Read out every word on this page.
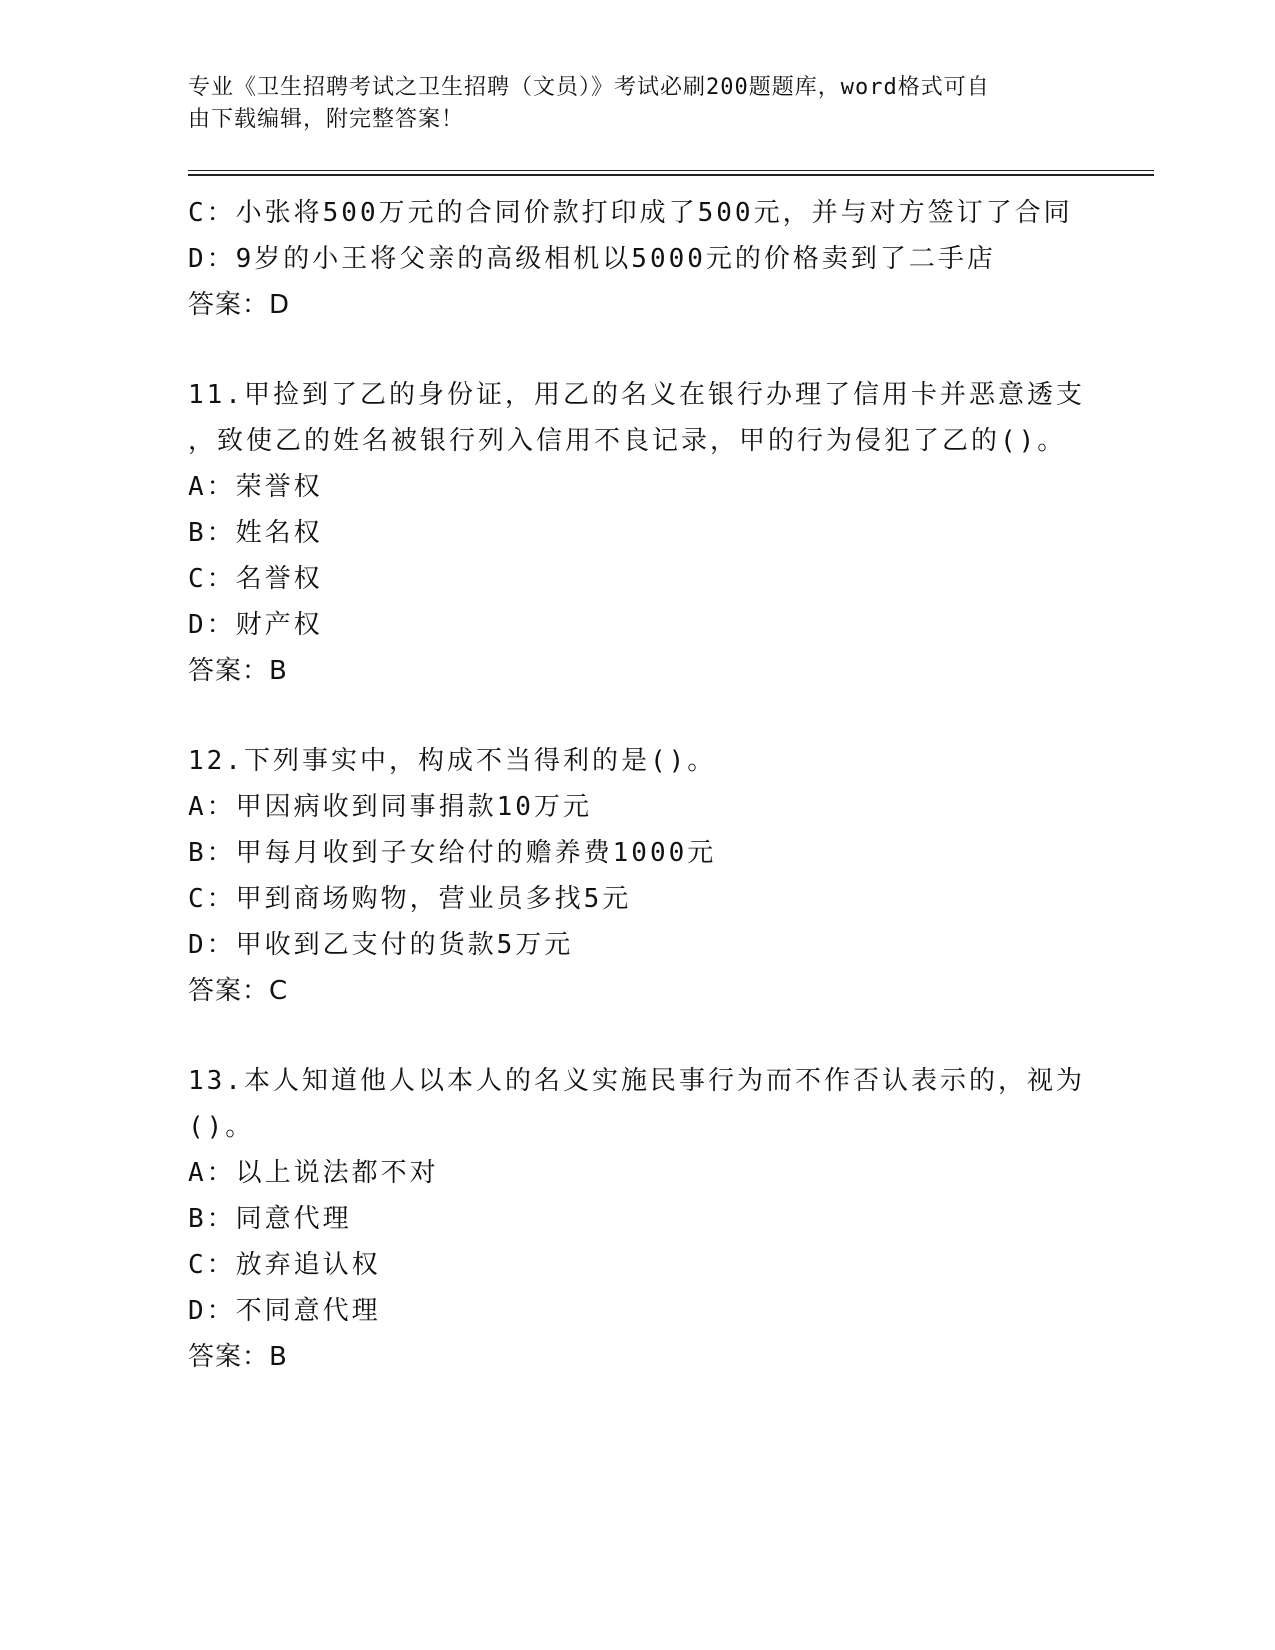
专业《卫生招聘考试之卫生招聘（文员）》考试必刷200题题库，word格式可自
由下载编辑，附完整答案！
C：小张将500万元的合同价款打印成了500元，并与对方签订了合同
D：9岁的小王将父亲的高级相机以5000元的价格卖到了二手店
答案：D
11.甲捡到了乙的身份证，用乙的名义在银行办理了信用卡并恶意透支
，致使乙的姓名被银行列入信用不良记录，甲的行为侵犯了乙的()。
A：荣誉权
B：姓名权
C：名誉权
D：财产权
答案：B
12.下列事实中，构成不当得利的是()。
A：甲因病收到同事捐款10万元
B：甲每月收到子女给付的赡养费1000元
C：甲到商场购物，营业员多找5元
D：甲收到乙支付的货款5万元
答案：C
13.本人知道他人以本人的名义实施民事行为而不作否认表示的，视为
()。
A：以上说法都不对
B：同意代理
C：放弃追认权
D：不同意代理
答案：B
